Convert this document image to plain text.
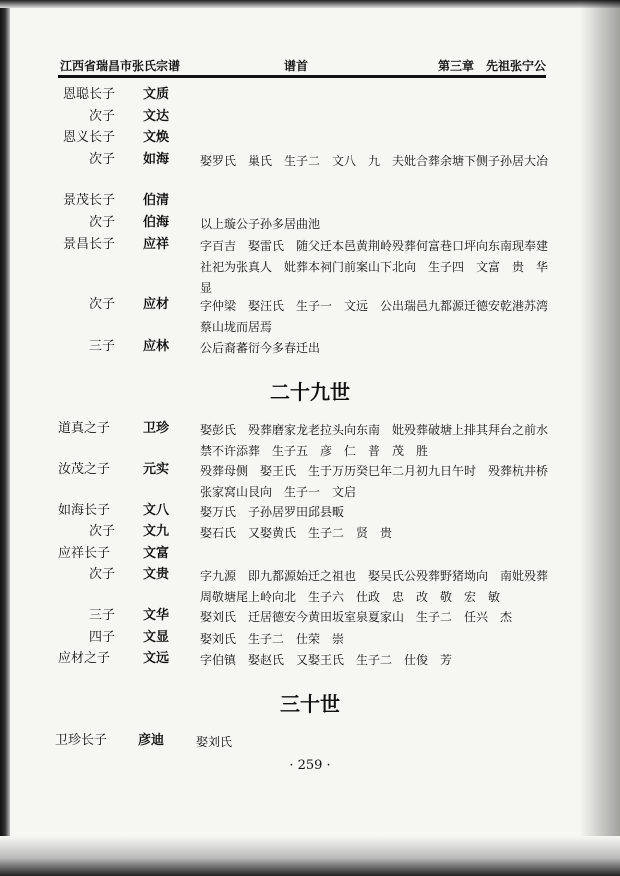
江西省瑞昌市张氏宗谱	谱首	第三章　先祖张宁公
恩聪长子 文质
次子 文达
恩义长子 文焕
次子 如海	娶罗氏　巢氏　生子二　文八　九　夫妣合葬余塘下侧子孙居大冶
景茂长子 伯清
次子 伯海	以上璇公子孙多居曲池
景昌长子 应祥	字百吉　娶雷氏　随父迁本邑黄荆岭殁葬何富巷口坪向东南现奉建社祀为张真人　妣葬本祠门前案山下北向　生子四　文富　贵　华　显
次子 应材	字仲梁　娶汪氏　生子一　文远　公出瑞邑九都源迁德安乾港苏湾蔡山垅而居焉
三子 应林	公后裔蕃衍今多春迁出
二十九世
道真之子	卫珍	娶彭氏　殁葬磨家龙老拉头向东南　妣殁葬破塘上排其拜台之前水禁不许添葬　生子五　彦　仁　普　茂　胜
汝茂之子	元实	殁葬母侧　娶王氏　生于万历癸巳年二月初九日午时　殁葬杭井桥张家窝山艮向　生子一　文启
如海长子	文八	娶万氏　子孙居罗田邱县畈
次子 文九	娶石氏　又娶黄氏　生子二　贤　贵
应祥长子	文富
次子 文贵	字九源　即九都源始迁之祖也　娶吴氏公殁葬野猪坳向　南妣殁葬周敬塘尾上岭向北　生子六　仕政　忠　改　敬　宏　敏
三子 文华	娶刘氏　迁居德安今黄田坂室泉夏家山　生子二　任兴　杰
四子 文显	娶刘氏　生子二　仕荣　崇
应材之子	文远	字伯镇　娶赵氏　又娶王氏　生子二　仕俊　芳
三十世
卫珍长子 彦迪	娶刘氏
· 259 ·
